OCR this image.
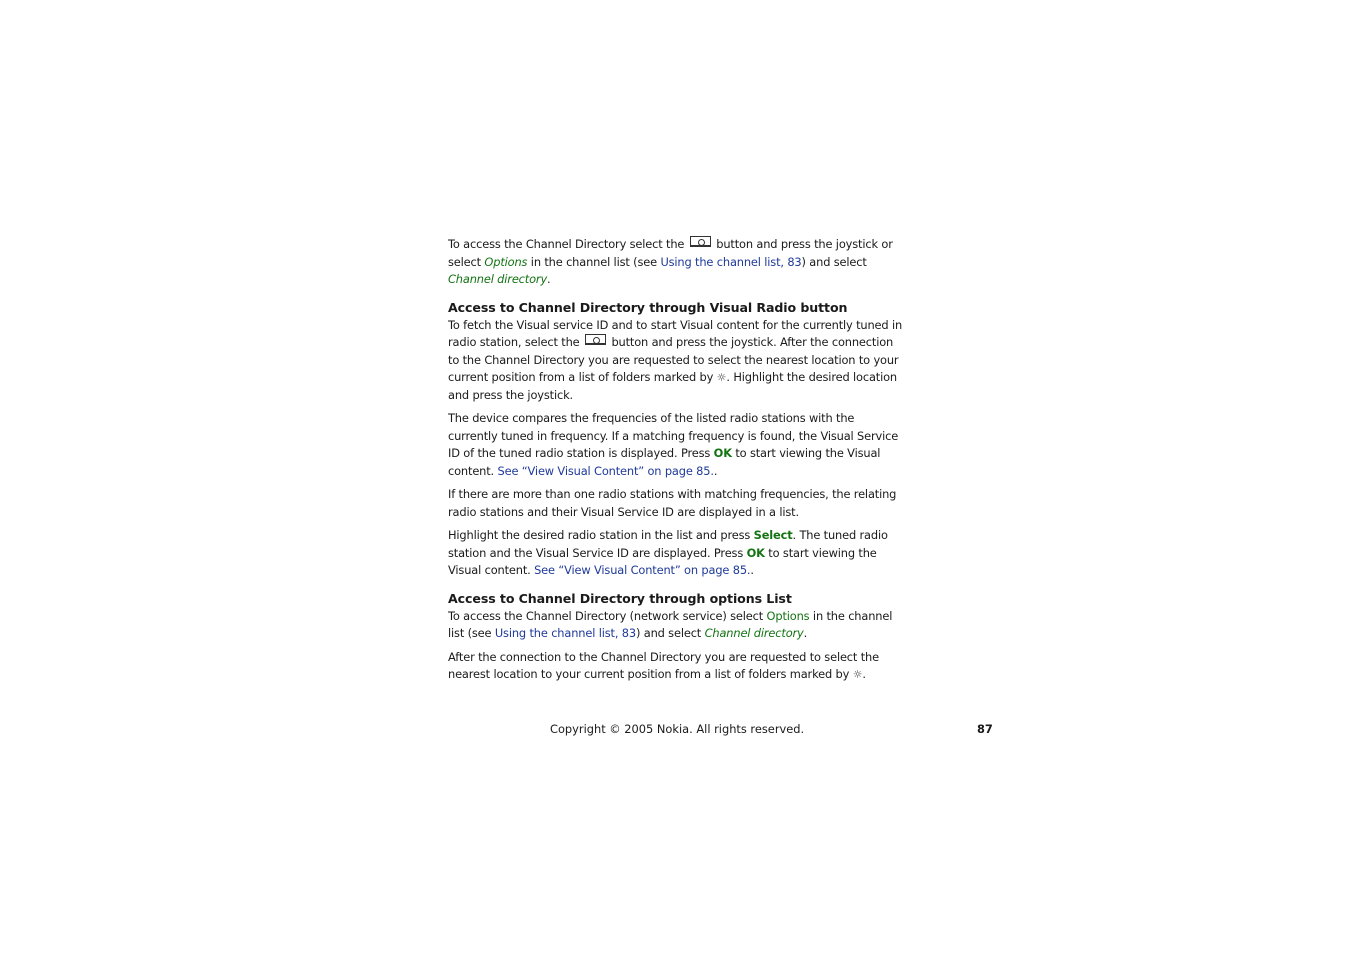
To access the Channel Directory select the  button and press the joystick or select Options in the channel list (see Using the channel list, 83) and select Channel directory.

Access to Channel Directory through Visual Radio button

To fetch the Visual service ID and to start Visual content for the currently tuned in radio station, select the  button and press the joystick. After the connection to the Channel Directory you are requested to select the nearest location to your current position from a list of folders marked by ☼. Highlight the desired location and press the joystick.

The device compares the frequencies of the listed radio stations with the currently tuned in frequency. If a matching frequency is found, the Visual Service ID of the tuned radio station is displayed. Press OK to start viewing the Visual content. See “View Visual Content” on page 85..

If there are more than one radio stations with matching frequencies, the relating radio stations and their Visual Service ID are displayed in a list.

Highlight the desired radio station in the list and press Select. The tuned radio station and the Visual Service ID are displayed. Press OK to start viewing the Visual content. See “View Visual Content” on page 85..

Access to Channel Directory through options List

To access the Channel Directory (network service) select Options in the channel list (see Using the channel list, 83) and select Channel directory.

After the connection to the Channel Directory you are requested to select the nearest location to your current position from a list of folders marked by ☼.

Copyright © 2005 Nokia. All rights reserved.	87
